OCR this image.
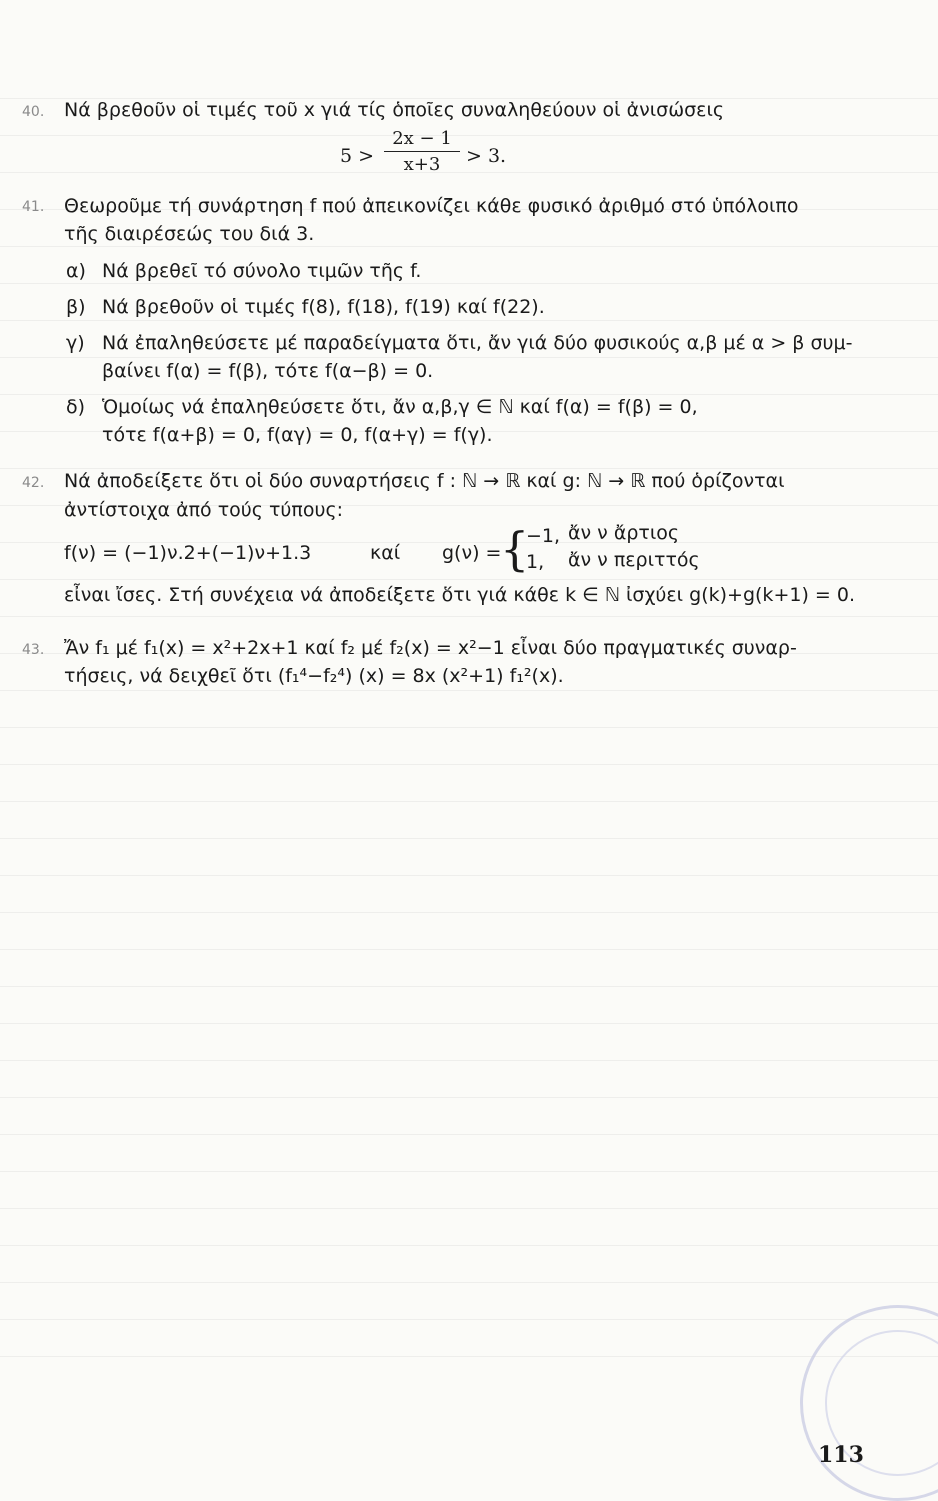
40. Νά βρεθοῦν οἱ τιμές τοῦ x γιά τίς ὁποῖες συναληθεύουν οἱ ἀνισώσεις
5 >
2x − 1
x+3	> 3.
41. Θεωροῦμε τή συνάρτηση f πού ἀπεικονίζει κάθε φυσικό ἀριθμό στό ὑπόλοιπο
τῆς διαιρέσεώς του διά 3.
α) Νά βρεθεῖ τό σύνολο τιμῶν τῆς f.
β) Νά βρεθοῦν οἱ τιμές f(8), f(18), f(19) καί f(22).
γ) Νά ἐπαληθεύσετε μέ παραδείγματα ὅτι, ἄν γιά δύο φυσικούς α,β μέ α > β συμ-
βαίνει f(α) = f(β), τότε f(α−β) = 0.
δ) Ὁμοίως νά ἐπαληθεύσετε ὅτι, ἄν α,β,γ ∈ ℕ καί f(α) = f(β) = 0,
τότε f(α+β) = 0, f(αγ) = 0, f(α+γ) = f(γ).
42. Νά ἀποδείξετε ὅτι οἱ δύο συναρτήσεις f : ℕ → ℝ καί g: ℕ → ℝ πού ὁρίζονται
ἀντίστοιχα ἀπό τούς τύπους:
f(ν) = (−1)ν.2+(−1)ν+1.3	καί g(ν) =
{
−1, ἄν ν ἄρτιος
1, ἄν ν περιττός
εἶναι ἴσες. Στή συνέχεια νά ἀποδείξετε ὅτι γιά κάθε k ∈ ℕ ἰσχύει g(k)+g(k+1) = 0.
43. Ἄν f₁ μέ f₁(x) = x²+2x+1 καί f₂ μέ f₂(x) = x²−1 εἶναι δύο πραγματικές συναρ-
τήσεις, νά δειχθεῖ ὅτι (f₁⁴−f₂⁴) (x) = 8x (x²+1) f₁²(x).
113
